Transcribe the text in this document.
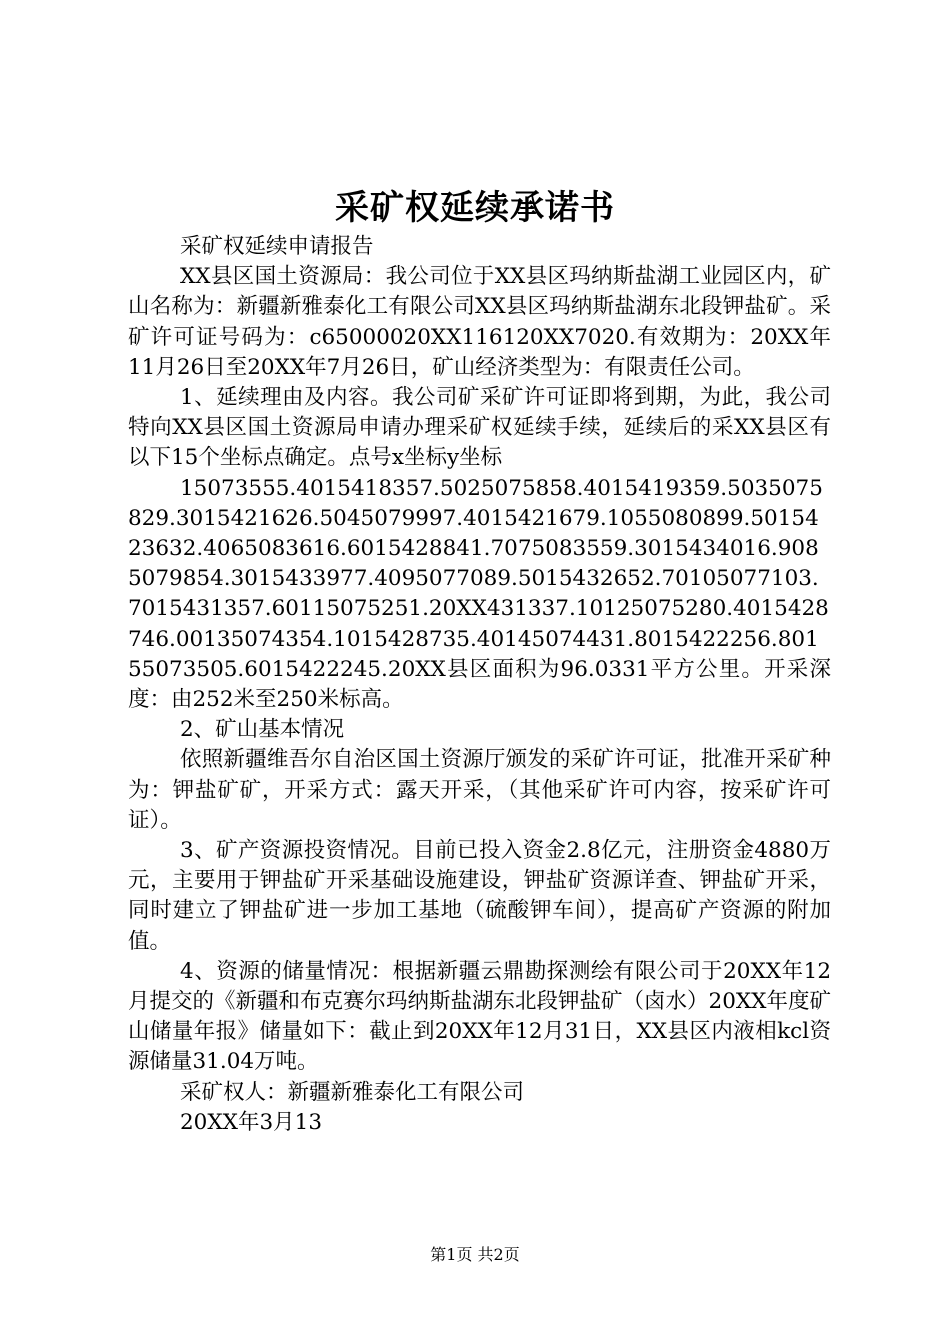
采矿权延续承诺书

采矿权延续申请报告

XX县区国土资源局：我公司位于XX县区玛纳斯盐湖工业园区内，矿山名称为：新疆新雅泰化工有限公司XX县区玛纳斯盐湖东北段钾盐矿。采矿许可证号码为：c65000020XX116120XX7020.有效期为：20XX年11月26日至20XX年7月26日，矿山经济类型为：有限责任公司。

1、延续理由及内容。我公司矿采矿许可证即将到期，为此，我公司特向XX县区国土资源局申请办理采矿权延续手续，延续后的采XX县区有以下15个坐标点确定。点号x坐标y坐标

15073555.4015418357.5025075858.4015419359.5035075829.3015421626.5045079997.4015421679.1055080899.5015423632.4065083616.6015428841.7075083559.3015434016.9085079854.3015433977.4095077089.5015432652.70105077103.7015431357.60115075251.20XX431337.10125075280.4015428746.00135074354.1015428735.40145074431.8015422256.80155073505.6015422245.20XX县区面积为96.0331平方公里。开采深度：由252米至250米标高。

2、矿山基本情况

依照新疆维吾尔自治区国土资源厅颁发的采矿许可证，批准开采矿种为：钾盐矿矿，开采方式：露天开采，（其他采矿许可内容，按采矿许可证）。

3、矿产资源投资情况。目前已投入资金2.8亿元，注册资金4880万元，主要用于钾盐矿开采基础设施建设，钾盐矿资源详查、钾盐矿开采，同时建立了钾盐矿进一步加工基地（硫酸钾车间），提高矿产资源的附加值。

4、资源的储量情况：根据新疆云鼎勘探测绘有限公司于20XX年12月提交的《新疆和布克赛尔玛纳斯盐湖东北段钾盐矿（卤水）20XX年度矿山储量年报》储量如下：截止到20XX年12月31日，XX县区内液相kcl资源储量31.04万吨。

采矿权人：新疆新雅泰化工有限公司

20XX年3月13

第1页 共2页
